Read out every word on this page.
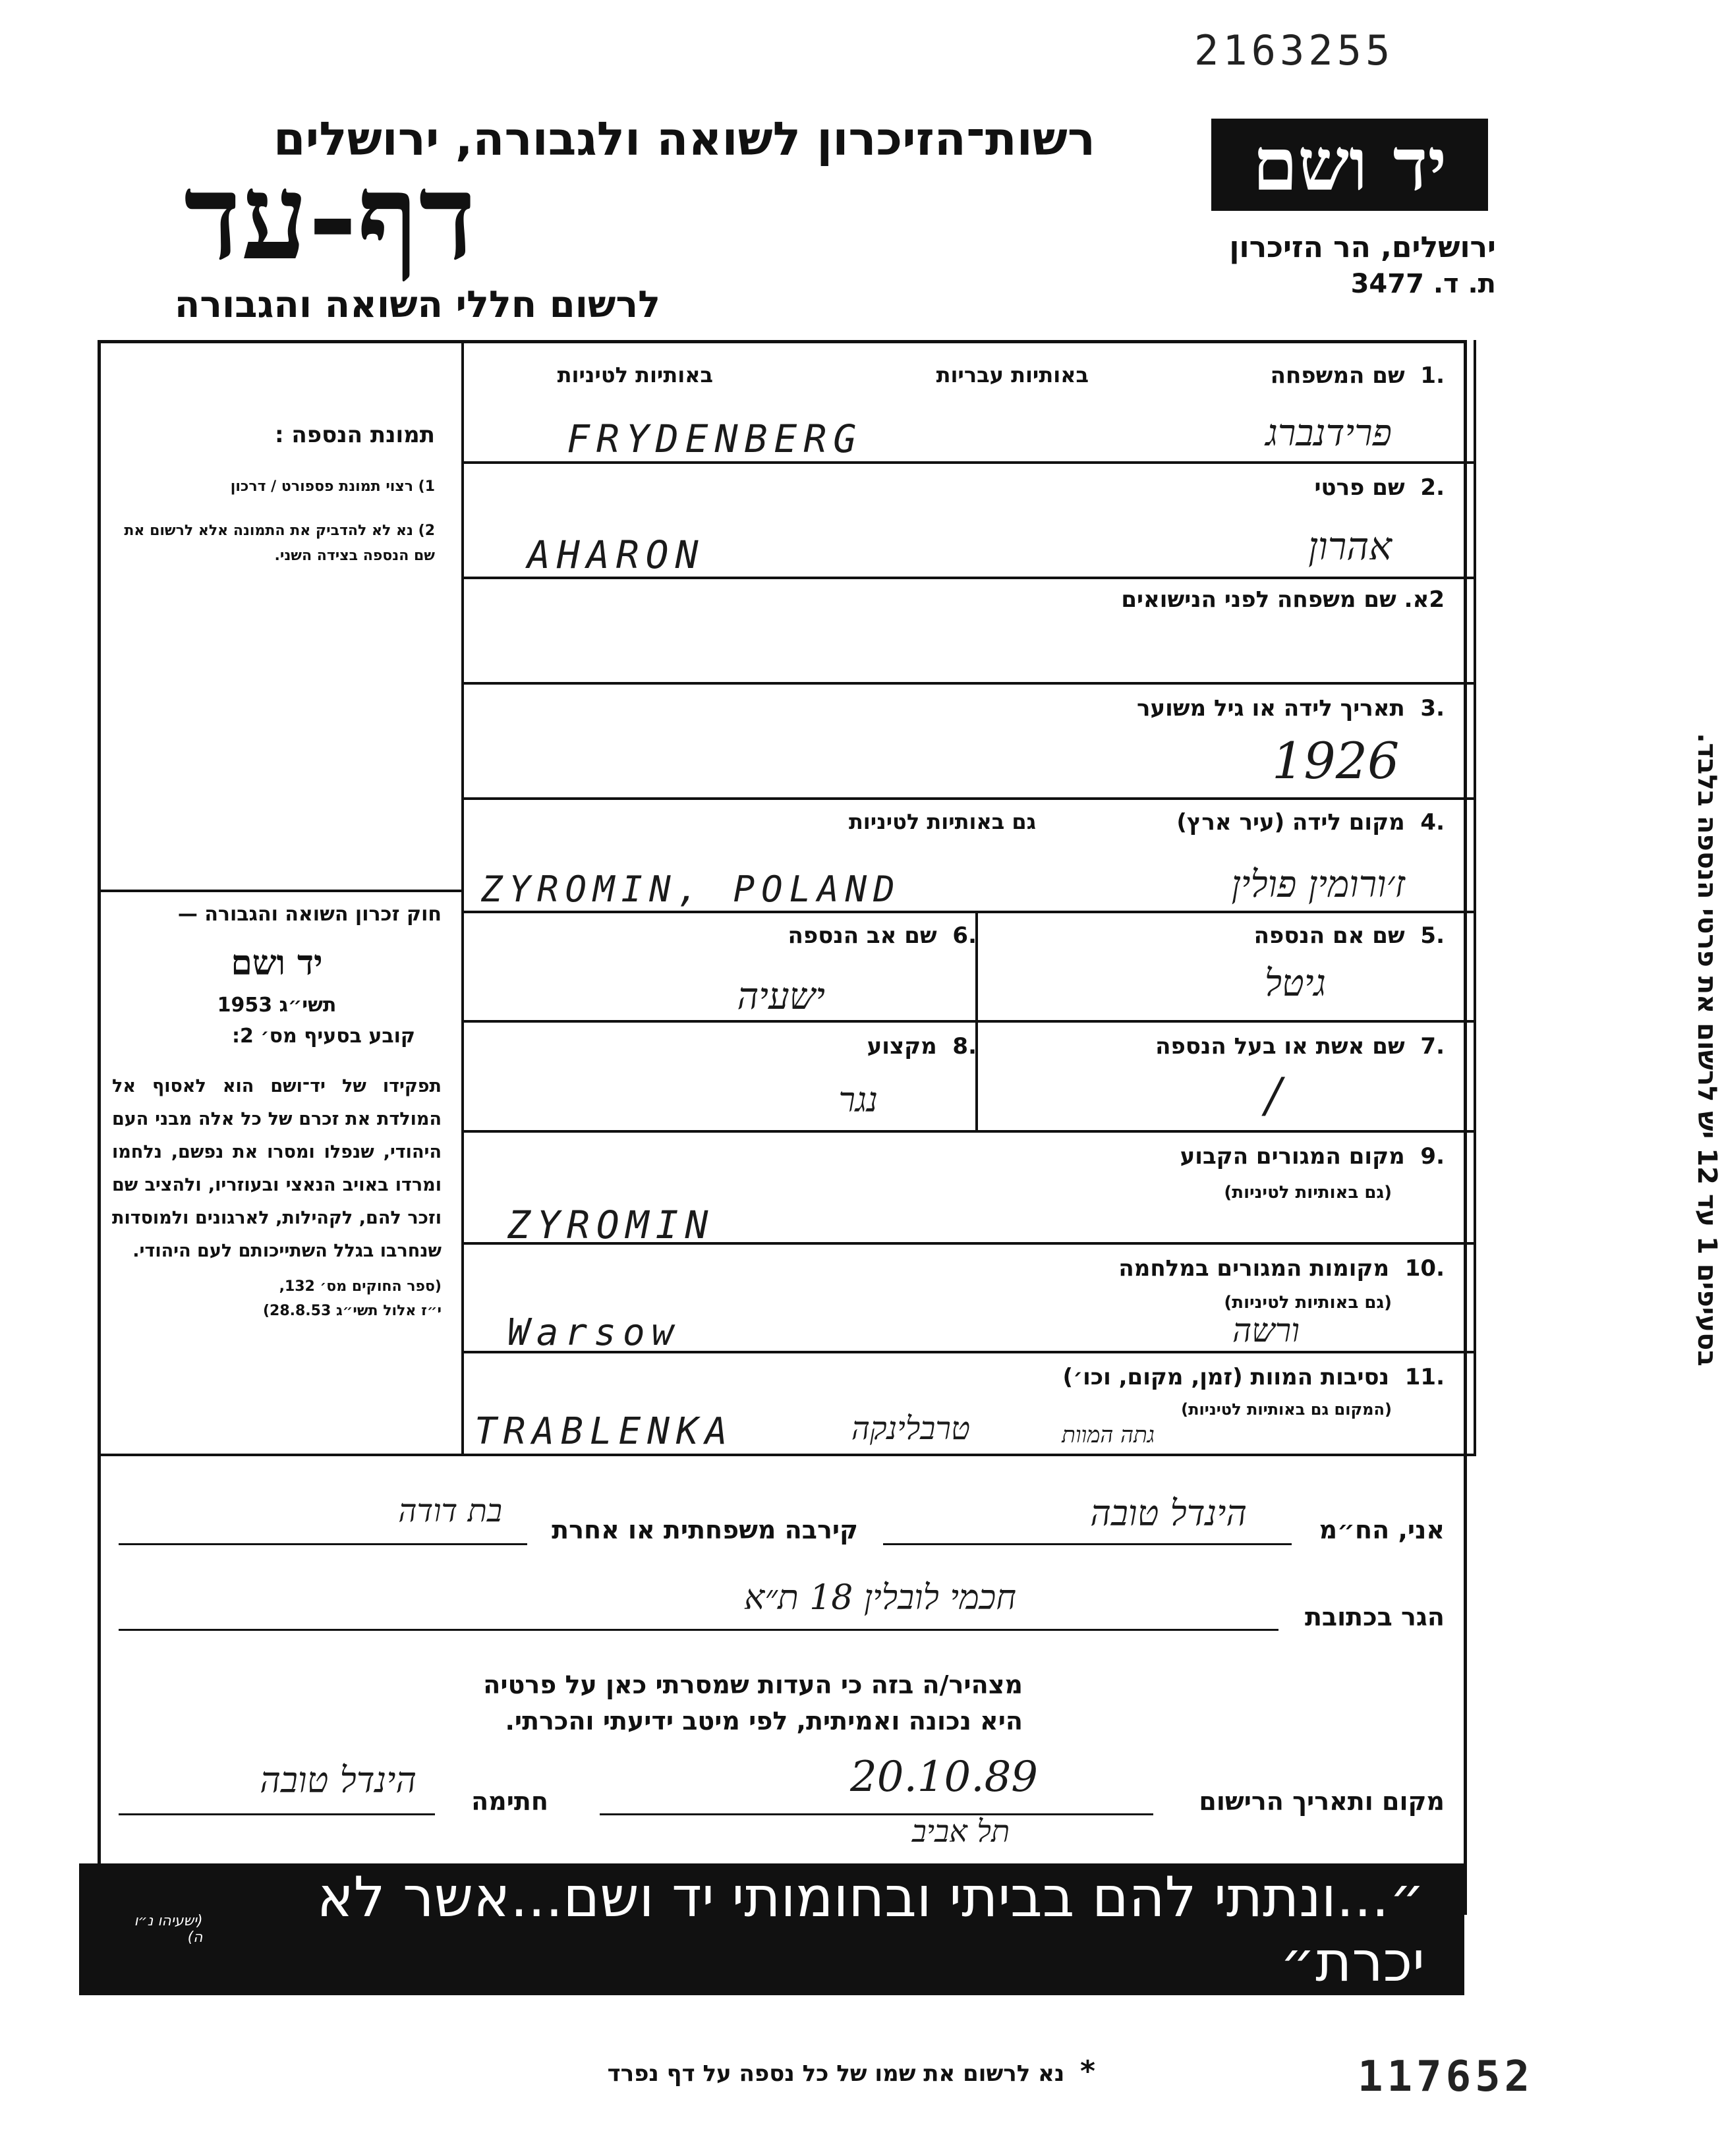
2163255
יד ושם
ירושלים, הר הזיכרון
ת. ד. 3477
רשות־הזיכרון לשואה ולגבורה, ירושלים
דף-עד
לרשום חללי השואה והגבורה
תמונת הנספה :
1) רצוי תמונת פספורט / דרכון
2) נא לא להדביק את התמונה אלא לרשום את שם הנספה בצידה השני.
חוק זכרון השואה והגבורה —
יד ושם
תשי״ג 1953
קובע בסעיף מס׳ 2:
תפקידו של יד־ושם הוא לאסוף אל המולדת את זכרם של כל אלה מבני העם היהודי, שנפלו ומסרו את נפשם, נלחמו ומרדו באויב הנאצי ובעוזריו, ולהציב שם וזכר להם, לקהילות, לארגונים ולמוסדות שנחרבו בגלל השתייכותם לעם היהודי.
(ספר החוקים מס׳ 132,
י״ז אלול תשי״ג 28.8.53)
בסעיפים 1 עד 12 יש לרשום את פרטי הנספה בלבד.
.1  שם המשפחה
באותיות עבריות
באותיות לטיניות
פרידנברג
FRYDENBERG
.2  שם פרטי
אהרון
AHARON
2א. שם משפחה לפני הנישואים
.3  תאריך לידה או גיל משוער
1926
.4  מקום לידה (עיר ארץ)
גם באותיות לטיניות
ז׳ורומין פולין
ZYROMIN, POLAND
.5  שם אם הנספה
גיטל
.6  שם אב הנספה
ישעיה
.7  שם אשת או בעל הנספה
/
.8  מקצוע
נגר
.9  מקום המגורים הקבוע
(גם באותיות לטיניות)
ZYROMIN
.10  מקומות המגורים במלחמה
(גם באותיות לטיניות)
Warsow	ורשה
.11  נסיבות המוות (זמן, מקום, וכו׳)
(המקום גם באותיות לטיניות)
TRABLENKA	טרבלינקה	גתה המוות
אני, הח״מ
הינדל טובה
קירבה משפחתית או אחרת
בת דודה
הגר בכתובת
חכמי לובלין 18 ת״א
מצהיר/ה בזה כי העדות שמסרתי כאן על פרטיה
היא נכונה ואמיתית, לפי מיטב ידיעתי והכרתי.
חתימה
הינדל טובה
מקום ותאריך הרישום
20.10.89
תל אביב
״...ונתתי להם בביתי ובחומותי יד ושם...אשר לא יכרת״
(ישעיהו נ״ו ה)
*  נא לרשום את שמו של כל נספה על דף נפרד	117652
